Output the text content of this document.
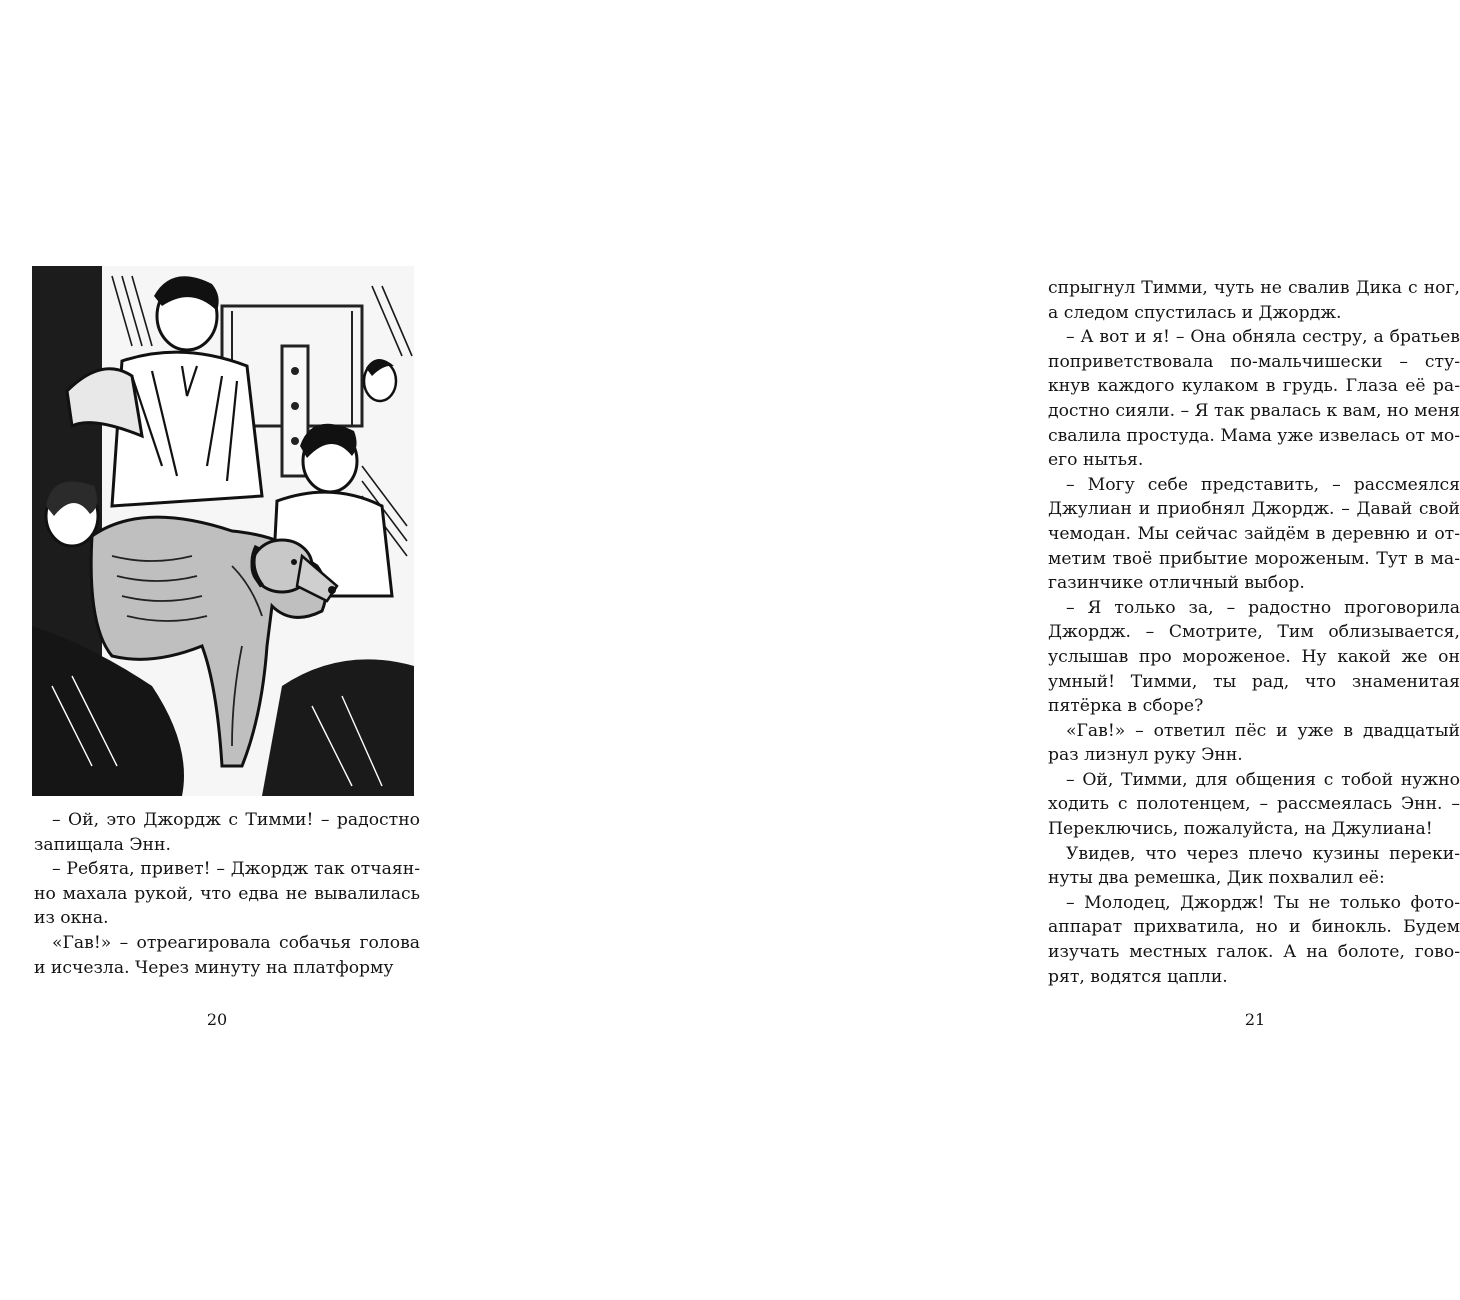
– Ой, это Джордж с Тимми! – радостно запищала Энн.

– Ребята, привет! – Джордж так отчаянно махала рукой, что едва не вывалилась из окна.

«Гав!» – отреагировала собачья голова и исчезла. Через минуту на платформу

20

спрыгнул Тимми, чуть не свалив Дика с ног, а следом спустилась и Джордж.

– А вот и я! – Она обняла сестру, а братьев поприветствовала по-мальчишески – стукнув каждого кулаком в грудь. Глаза её радостно сияли. – Я так рвалась к вам, но меня свалила простуда. Мама уже извелась от моего нытья.

– Могу себе представить, – рассмеялся Джулиан и приобнял Джордж. – Давай свой чемодан. Мы сейчас зайдём в деревню и отметим твоё прибытие мороженым. Тут в магазинчике отличный выбор.

– Я только за, – радостно проговорила Джордж. – Смотрите, Тим облизывается, услышав про мороженое. Ну какой же он умный! Тимми, ты рад, что знаменитая пятёрка в сборе?

«Гав!» – ответил пёс и уже в двадцатый раз лизнул руку Энн.

– Ой, Тимми, для общения с тобой нужно ходить с полотенцем, – рассмеялась Энн. – Переключись, пожалуйста, на Джулиана!

Увидев, что через плечо кузины перекинуты два ремешка, Дик похвалил её:

– Молодец, Джордж! Ты не только фотоаппарат прихватила, но и бинокль. Будем изучать местных галок. А на болоте, говорят, водятся цапли.

21
